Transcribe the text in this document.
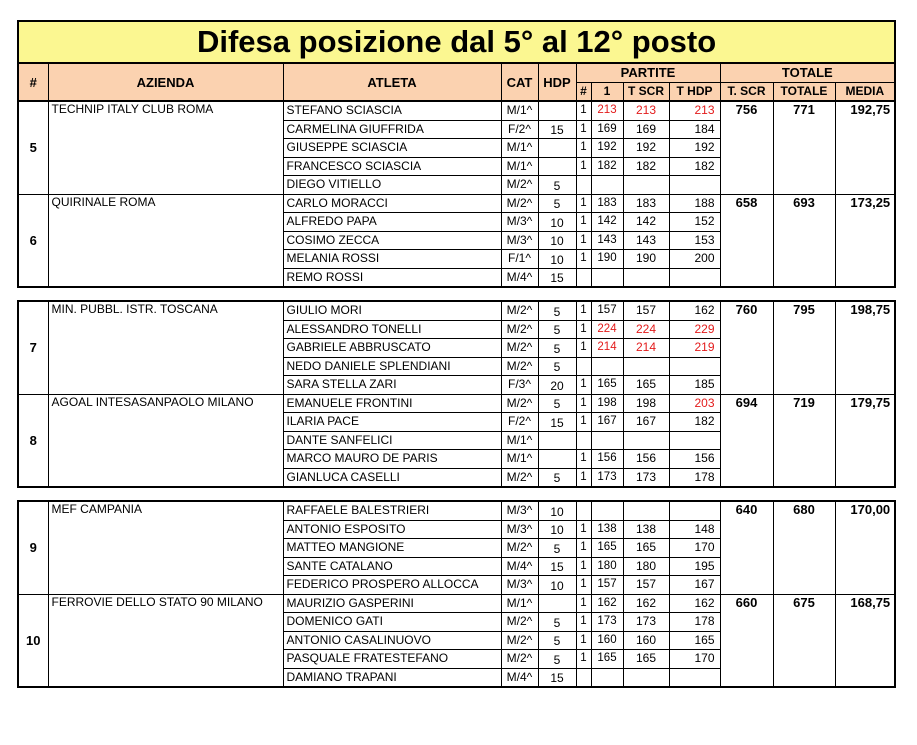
Difesa posizione dal 5° al 12° posto											
#	AZIENDA	ATLETA	CAT	HDP	PARTITE				TOTALE		
					#	1	T SCR	T HDP	T. SCR	TOTALE	MEDIA
5	TECHNIP ITALY CLUB ROMA	STEFANO SCIASCIA	M/1^		1	213	213	213	756	771	192,75
		CARMELINA GIUFFRIDA	F/2^	15	1	169	169	184			
		GIUSEPPE SCIASCIA	M/1^		1	192	192	192			
		FRANCESCO SCIASCIA	M/1^		1	182	182	182			
		DIEGO VITIELLO	M/2^	5							
6	QUIRINALE ROMA	CARLO MORACCI	M/2^	5	1	183	183	188	658	693	173,25
		ALFREDO PAPA	M/3^	10	1	142	142	152			
		COSIMO ZECCA	M/3^	10	1	143	143	153			
		MELANIA ROSSI	F/1^	10	1	190	190	200			
		REMO ROSSI	M/4^	15							

7	MIN. PUBBL. ISTR. TOSCANA	GIULIO MORI	M/2^	5	1	157	157	162	760	795	198,75
		ALESSANDRO TONELLI	M/2^	5	1	224	224	229			
		GABRIELE ABBRUSCATO	M/2^	5	1	214	214	219			
		NEDO DANIELE SPLENDIANI	M/2^	5							
		SARA STELLA ZARI	F/3^	20	1	165	165	185			
8	AGOAL INTESASANPAOLO MILANO	EMANUELE FRONTINI	M/2^	5	1	198	198	203	694	719	179,75
		ILARIA PACE	F/2^	15	1	167	167	182			
		DANTE SANFELICI	M/1^								
		MARCO MAURO DE PARIS	M/1^		1	156	156	156			
		GIANLUCA CASELLI	M/2^	5	1	173	173	178			

9	MEF CAMPANIA	RAFFAELE BALESTRIERI	M/3^	10					640	680	170,00
		ANTONIO ESPOSITO	M/3^	10	1	138	138	148			
		MATTEO MANGIONE	M/2^	5	1	165	165	170			
		SANTE CATALANO	M/4^	15	1	180	180	195			
		FEDERICO PROSPERO ALLOCCA	M/3^	10	1	157	157	167			
10	FERROVIE DELLO STATO 90 MILANO	MAURIZIO GASPERINI	M/1^		1	162	162	162	660	675	168,75
		DOMENICO GATI	M/2^	5	1	173	173	178			
		ANTONIO CASALINUOVO	M/2^	5	1	160	160	165			
		PASQUALE FRATESTEFANO	M/2^	5	1	165	165	170			
		DAMIANO TRAPANI	M/4^	15							
